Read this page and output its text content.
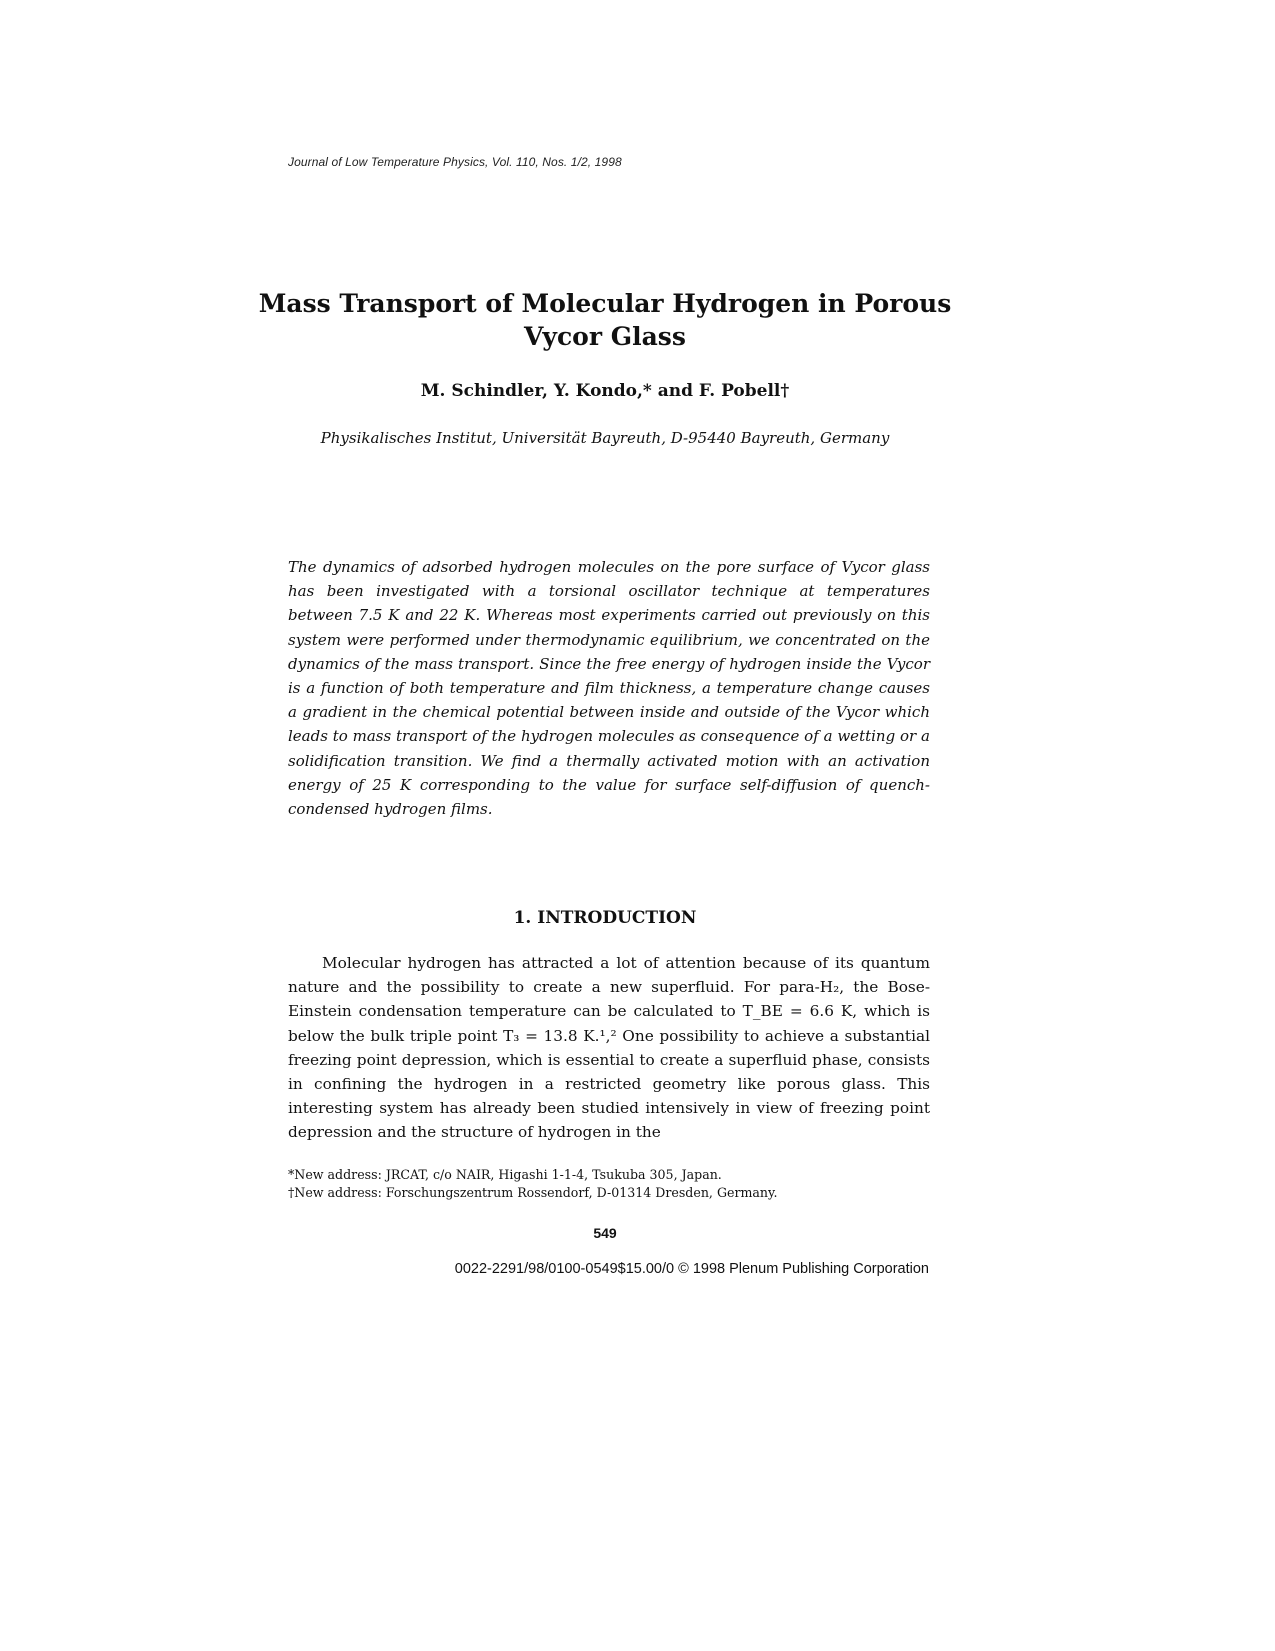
Journal of Low Temperature Physics, Vol. 110, Nos. 1/2, 1998
Mass Transport of Molecular Hydrogen in Porous Vycor Glass
M. Schindler, Y. Kondo,* and F. Pobell†
Physikalisches Institut, Universität Bayreuth, D-95440 Bayreuth, Germany
The dynamics of adsorbed hydrogen molecules on the pore surface of Vycor glass has been investigated with a torsional oscillator technique at temperatures between 7.5 K and 22 K. Whereas most experiments carried out previously on this system were performed under thermodynamic equilibrium, we concentrated on the dynamics of the mass transport. Since the free energy of hydrogen inside the Vycor is a function of both temperature and film thickness, a temperature change causes a gradient in the chemical potential between inside and outside of the Vycor which leads to mass transport of the hydrogen molecules as consequence of a wetting or a solidification transition. We find a thermally activated motion with an activation energy of 25 K corresponding to the value for surface self-diffusion of quench-condensed hydrogen films.
1. INTRODUCTION
Molecular hydrogen has attracted a lot of attention because of its quantum nature and the possibility to create a new superfluid. For para-H₂, the Bose-Einstein condensation temperature can be calculated to T_BE = 6.6 K, which is below the bulk triple point T₃ = 13.8 K.¹,² One possibility to achieve a substantial freezing point depression, which is essential to create a superfluid phase, consists in confining the hydrogen in a restricted geometry like porous glass. This interesting system has already been studied intensively in view of freezing point depression and the structure of hydrogen in the
*New address: JRCAT, c/o NAIR, Higashi 1-1-4, Tsukuba 305, Japan.
†New address: Forschungszentrum Rossendorf, D-01314 Dresden, Germany.
549
0022-2291/98/0100-0549$15.00/0 © 1998 Plenum Publishing Corporation
